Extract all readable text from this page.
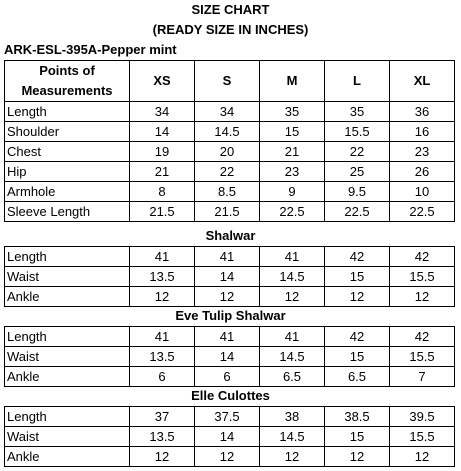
SIZE CHART
(READY SIZE IN INCHES)
ARK-ESL-395A-Pepper mint
Points of Measurements	XS	S	M	L	XL
Length	34	34	35	35	36
Shoulder	14	14.5	15	15.5	16
Chest	19	20	21	22	23
Hip	21	22	23	25	26
Armhole	8	8.5	9	9.5	10
Sleeve Length	21.5	21.5	22.5	22.5	22.5
Shalwar
Length	41	41	41	42	42
Waist	13.5	14	14.5	15	15.5
Ankle	12	12	12	12	12
Eve Tulip Shalwar
Length	41	41	41	42	42
Waist	13.5	14	14.5	15	15.5
Ankle	6	6	6.5	6.5	7
Elle Culottes
Length	37	37.5	38	38.5	39.5
Waist	13.5	14	14.5	15	15.5
Ankle	12	12	12	12	12
